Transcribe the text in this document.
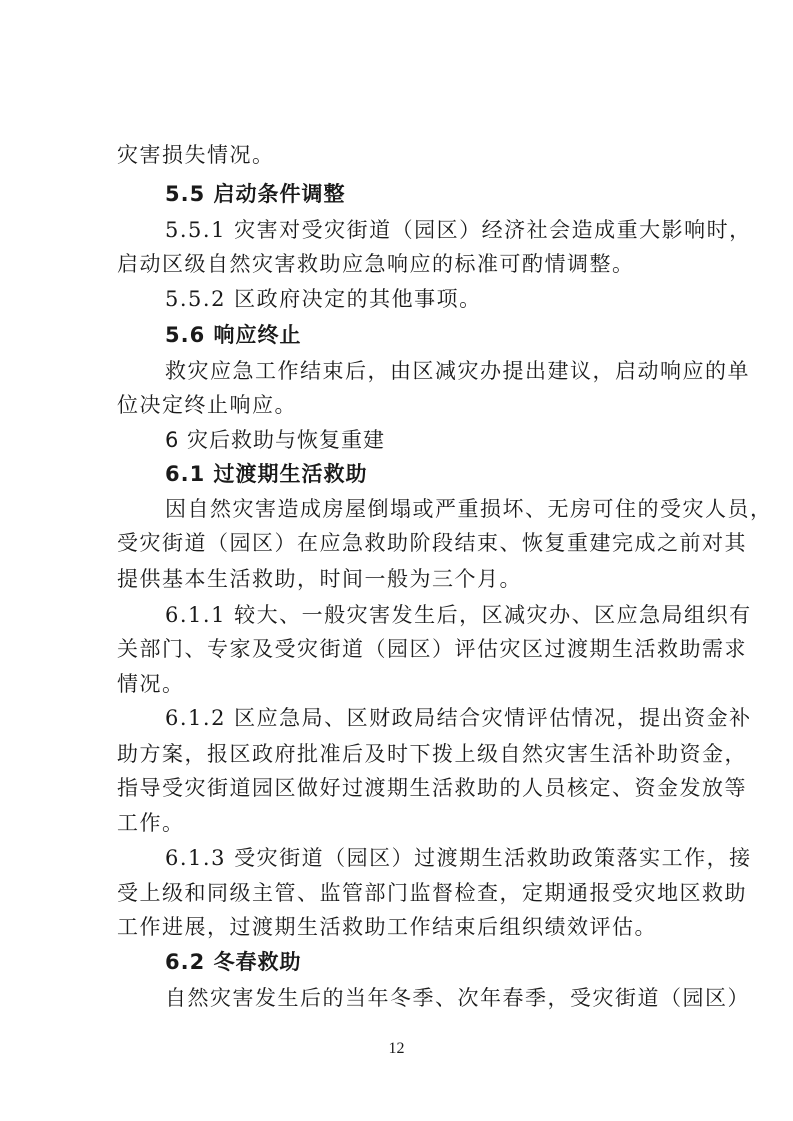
灾害损失情况。
5.5 启动条件调整
5.5.1 灾害对受灾街道（园区）经济社会造成重大影响时，
启动区级自然灾害救助应急响应的标准可酌情调整。
5.5.2 区政府决定的其他事项。
5.6 响应终止
救灾应急工作结束后，由区减灾办提出建议，启动响应的单
位决定终止响应。
6 灾后救助与恢复重建
6.1 过渡期生活救助
因自然灾害造成房屋倒塌或严重损坏、无房可住的受灾人员，
受灾街道（园区）在应急救助阶段结束、恢复重建完成之前对其
提供基本生活救助，时间一般为三个月。
6.1.1 较大、一般灾害发生后，区减灾办、区应急局组织有
关部门、专家及受灾街道（园区）评估灾区过渡期生活救助需求
情况。
6.1.2 区应急局、区财政局结合灾情评估情况，提出资金补
助方案，报区政府批准后及时下拨上级自然灾害生活补助资金，
指导受灾街道园区做好过渡期生活救助的人员核定、资金发放等
工作。
6.1.3 受灾街道（园区）过渡期生活救助政策落实工作，接
受上级和同级主管、监管部门监督检查，定期通报受灾地区救助
工作进展，过渡期生活救助工作结束后组织绩效评估。
6.2 冬春救助
自然灾害发生后的当年冬季、次年春季，受灾街道（园区）
12
